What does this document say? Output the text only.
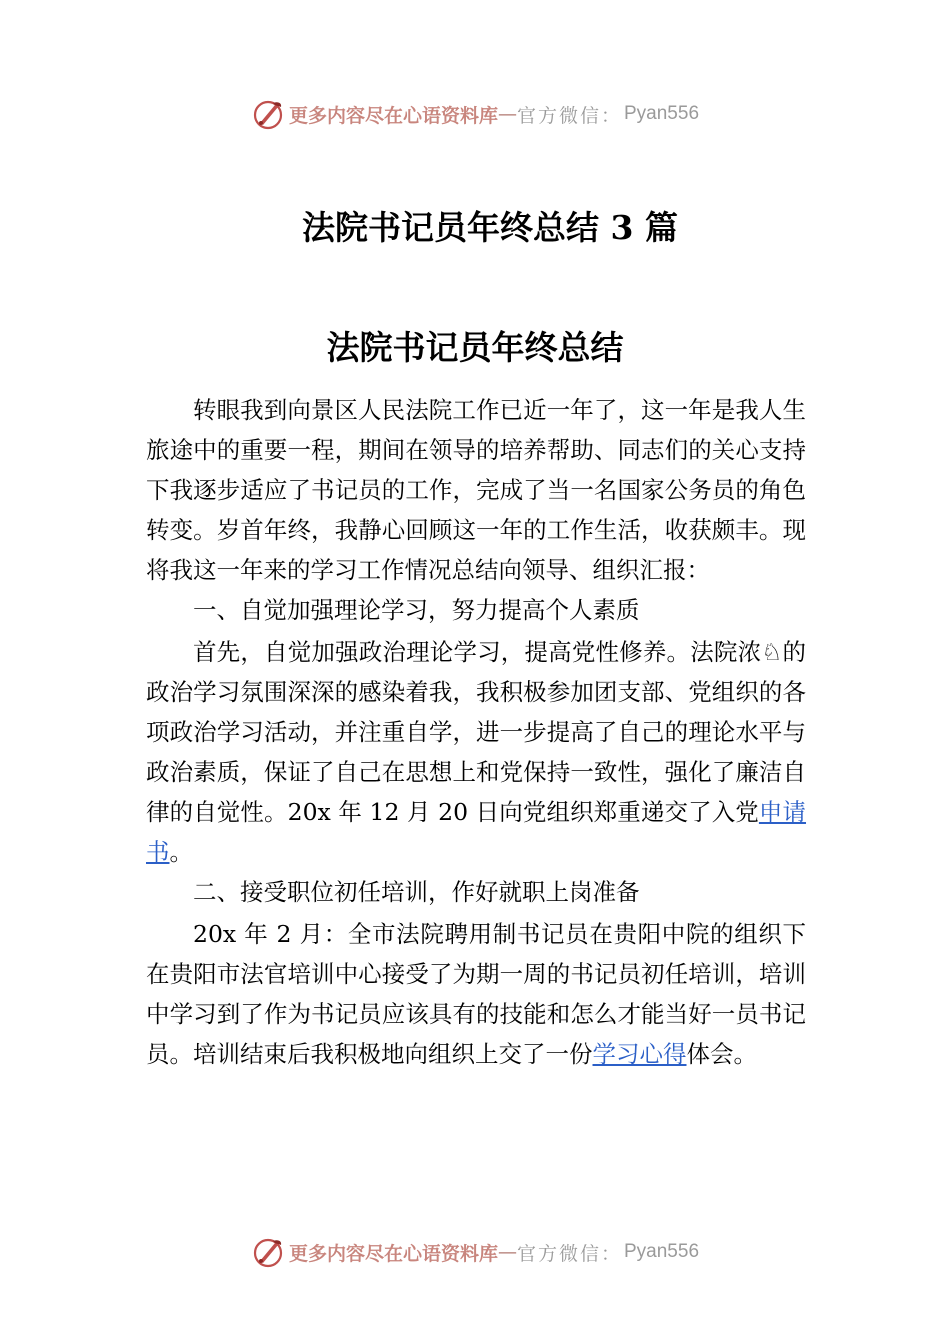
更多内容尽在心语资料库 — 官方微信： Pyan556
法院书记员年终总结 3 篇
法院书记员年终总结

转眼我到向景区人民法院工作已近一年了，这一年是我人生旅途中的重要一程，期间在领导的培养帮助、同志们的关心支持下我逐步适应了书记员的工作，完成了当一名国家公务员的角色转变。岁首年终，我静心回顾这一年的工作生活，收获颇丰。现将我这一年来的学习工作情况总结向领导、组织汇报：

一、自觉加强理论学习，努力提高个人素质

首先，自觉加强政治理论学习，提高党性修养。法院浓♘的政治学习氛围深深的感染着我，我积极参加团支部、党组织的各项政治学习活动，并注重自学，进一步提高了自己的理论水平与政治素质，保证了自己在思想上和党保持一致性，强化了廉洁自律的自觉性。20x 年 12 月 20 日向党组织郑重递交了入党申请书。

二、接受职位初任培训，作好就职上岗准备

20x 年 2 月：全市法院聘用制书记员在贵阳中院的组织下在贵阳市法官培训中心接受了为期一周的书记员初任培训，培训中学习到了作为书记员应该具有的技能和怎么才能当好一员书记员。培训结束后我积极地向组织上交了一份学习心得体会。

更多内容尽在心语资料库 — 官方微信： Pyan556
